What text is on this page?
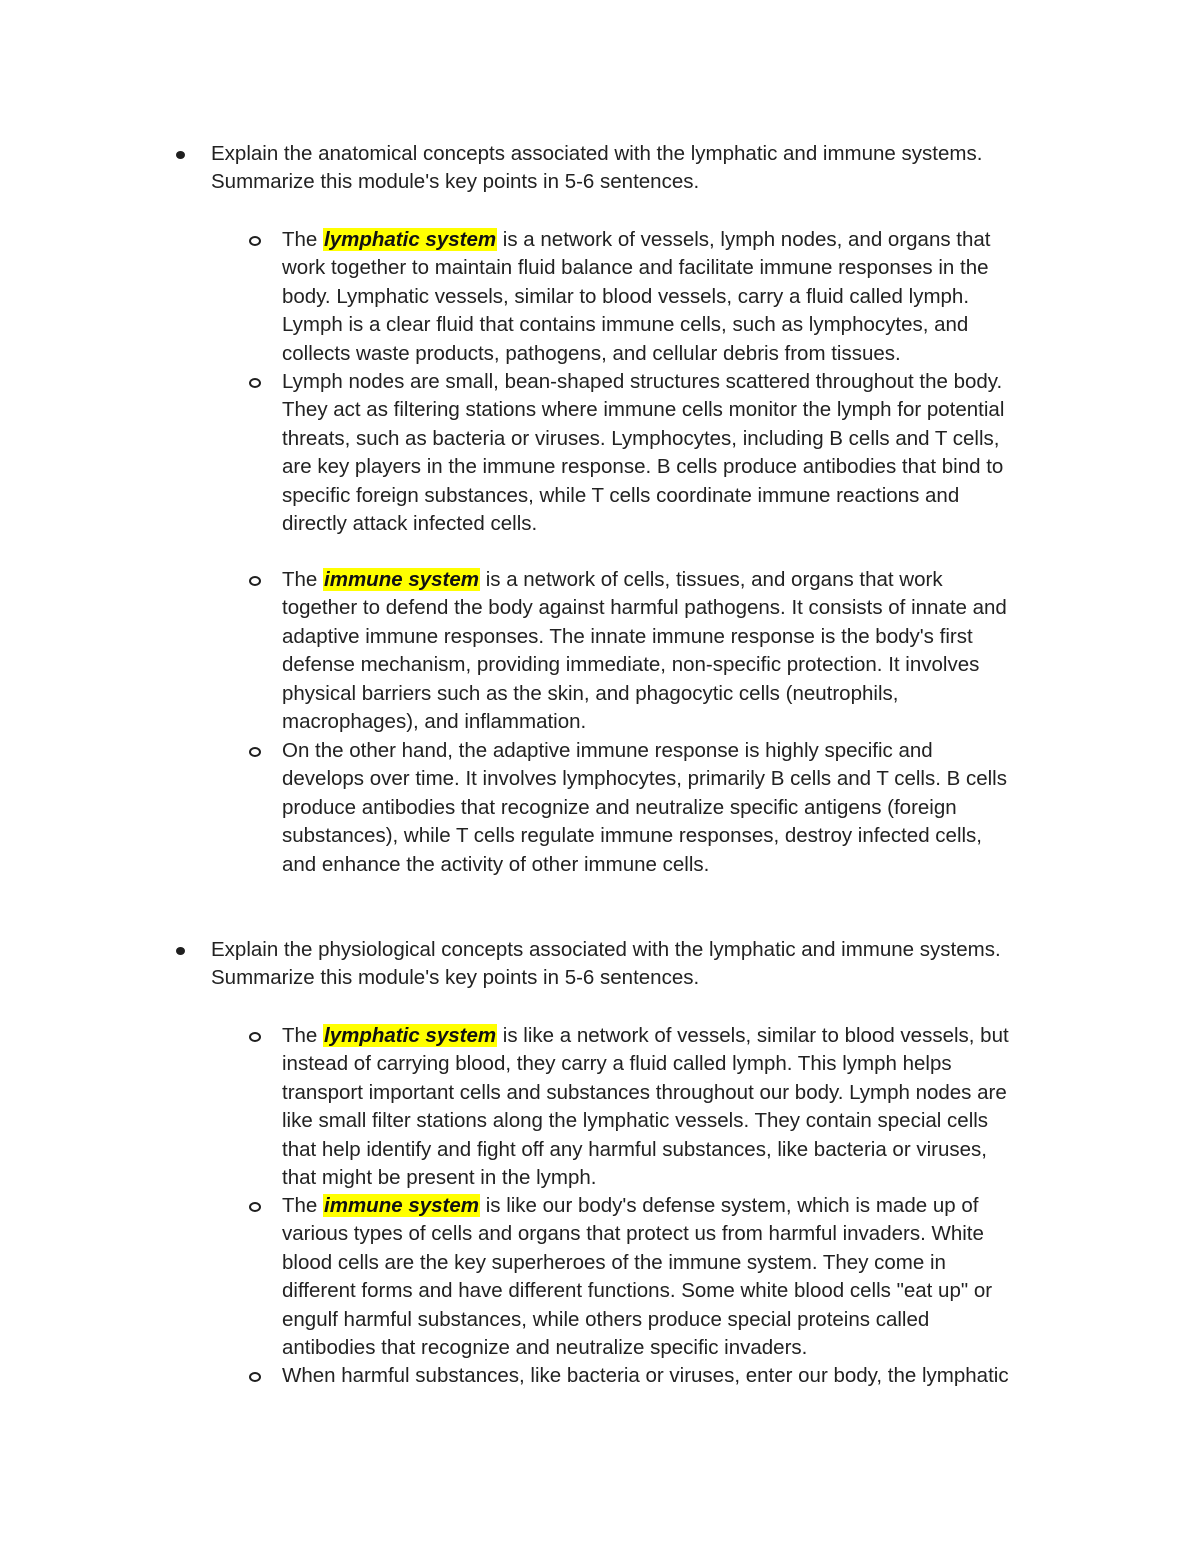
Explain the anatomical concepts associated with the lymphatic and immune systems.
Summarize this module's key points in 5-6 sentences.
The lymphatic system is a network of vessels, lymph nodes, and organs that
work together to maintain fluid balance and facilitate immune responses in the
body. Lymphatic vessels, similar to blood vessels, carry a fluid called lymph.
Lymph is a clear fluid that contains immune cells, such as lymphocytes, and
collects waste products, pathogens, and cellular debris from tissues.
Lymph nodes are small, bean-shaped structures scattered throughout the body.
They act as filtering stations where immune cells monitor the lymph for potential
threats, such as bacteria or viruses. Lymphocytes, including B cells and T cells,
are key players in the immune response. B cells produce antibodies that bind to
specific foreign substances, while T cells coordinate immune reactions and
directly attack infected cells.
The immune system is a network of cells, tissues, and organs that work
together to defend the body against harmful pathogens. It consists of innate and
adaptive immune responses. The innate immune response is the body's first
defense mechanism, providing immediate, non-specific protection. It involves
physical barriers such as the skin, and phagocytic cells (neutrophils,
macrophages), and inflammation.
On the other hand, the adaptive immune response is highly specific and
develops over time. It involves lymphocytes, primarily B cells and T cells. B cells
produce antibodies that recognize and neutralize specific antigens (foreign
substances), while T cells regulate immune responses, destroy infected cells,
and enhance the activity of other immune cells.
Explain the physiological concepts associated with the lymphatic and immune systems.
Summarize this module's key points in 5-6 sentences.
The lymphatic system is like a network of vessels, similar to blood vessels, but
instead of carrying blood, they carry a fluid called lymph. This lymph helps
transport important cells and substances throughout our body. Lymph nodes are
like small filter stations along the lymphatic vessels. They contain special cells
that help identify and fight off any harmful substances, like bacteria or viruses,
that might be present in the lymph.
The immune system is like our body's defense system, which is made up of
various types of cells and organs that protect us from harmful invaders. White
blood cells are the key superheroes of the immune system. They come in
different forms and have different functions. Some white blood cells "eat up" or
engulf harmful substances, while others produce special proteins called
antibodies that recognize and neutralize specific invaders.
When harmful substances, like bacteria or viruses, enter our body, the lymphatic
